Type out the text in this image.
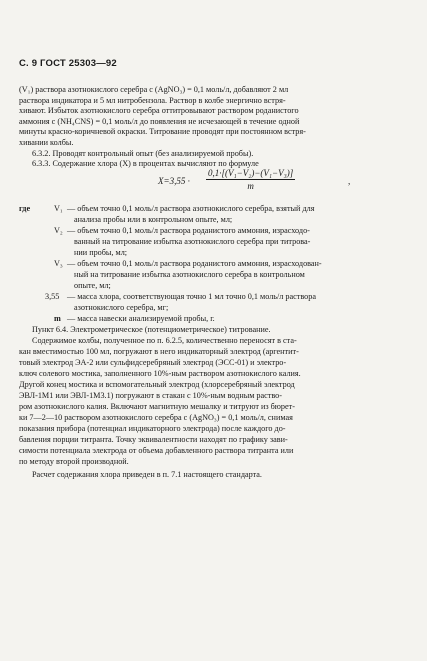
С. 9 ГОСТ 25303—92
(V₁) раствора азотнокислого серебра c (AgNO₃) = 0,1 моль/л, добавляют 2 мл
раствора индикатора и 5 мл нитробензола. Раствор в колбе энергично встря-
хивают. Избыток азотнокислого серебра оттитровывают раствором роданистого
аммония c (NH₄CNS) = 0,1 моль/л до появления не исчезающей в течение одной
минуты красно-коричневой окраски. Титрование проводят при постоянном встря-
хивании колбы.
6.3.2. Проводят контрольный опыт (без анализируемой пробы).
6.3.3. Содержание хлора (X) в процентах вычисляют по формуле
$X=3,55 \cdot \frac{\text{0,1·[(V₁−V₂)−(V₁−V₃)]}}{m}$	,
где	V₁ — объем точно 0,1 моль/л раствора азотнокислого серебра, взятый для
анализа пробы или в контрольном опыте, мл;
V₂ — объем точно 0,1 моль/л раствора роданистого аммония, израсходо-
ванный на титрование избытка азотнокислого серебра при титрова-
нии пробы, мл;
V₃ — объем точно 0,1 моль/л раствора роданистого аммония, израсходован-
ный на титрование избытка азотнокислого серебра в контрольном
опыте, мл;
3,55 — масса хлора, соответствующая точно 1 мл точно 0,1 моль/л раствора
азотнокислого серебра, мг;
m — масса навески анализируемой пробы, г.
Пункт 6.4. Электрометрическое (потенциометрическое) титрование.
Содержимое колбы, полученное по п. 6.2.5, количественно переносят в ста-
кан вместимостью 100 мл, погружают в него индикаторный электрод (аргентит-
товый электрод ЭА-2 или сульфидсеребряный электрод (ЭСС-01) и электро-
ключ солевого мостика, заполненного 10%-ным раствором азотнокислого калия.
Другой конец мостика и вспомогательный электрод (хлорсеребряный электрод
ЭВЛ-1М1 или ЭВЛ-1М3.1) погружают в стакан с 10%-ным водным раство-
ром азотнокислого калия. Включают магнитную мешалку и титруют из бюрет-
ки 7—2—10 раствором азотнокислого серебра c (AgNO₃) = 0,1 моль/л, снимая
показания прибора (потенциал индикаторного электрода) после каждого до-
бавления порции титранта. Точку эквивалентности находят по графику зави-
симости потенциала электрода от объема добавленного раствора титранта или
по методу второй производной.
Расчет содержания хлора приведен в п. 7.1 настоящего стандарта.
